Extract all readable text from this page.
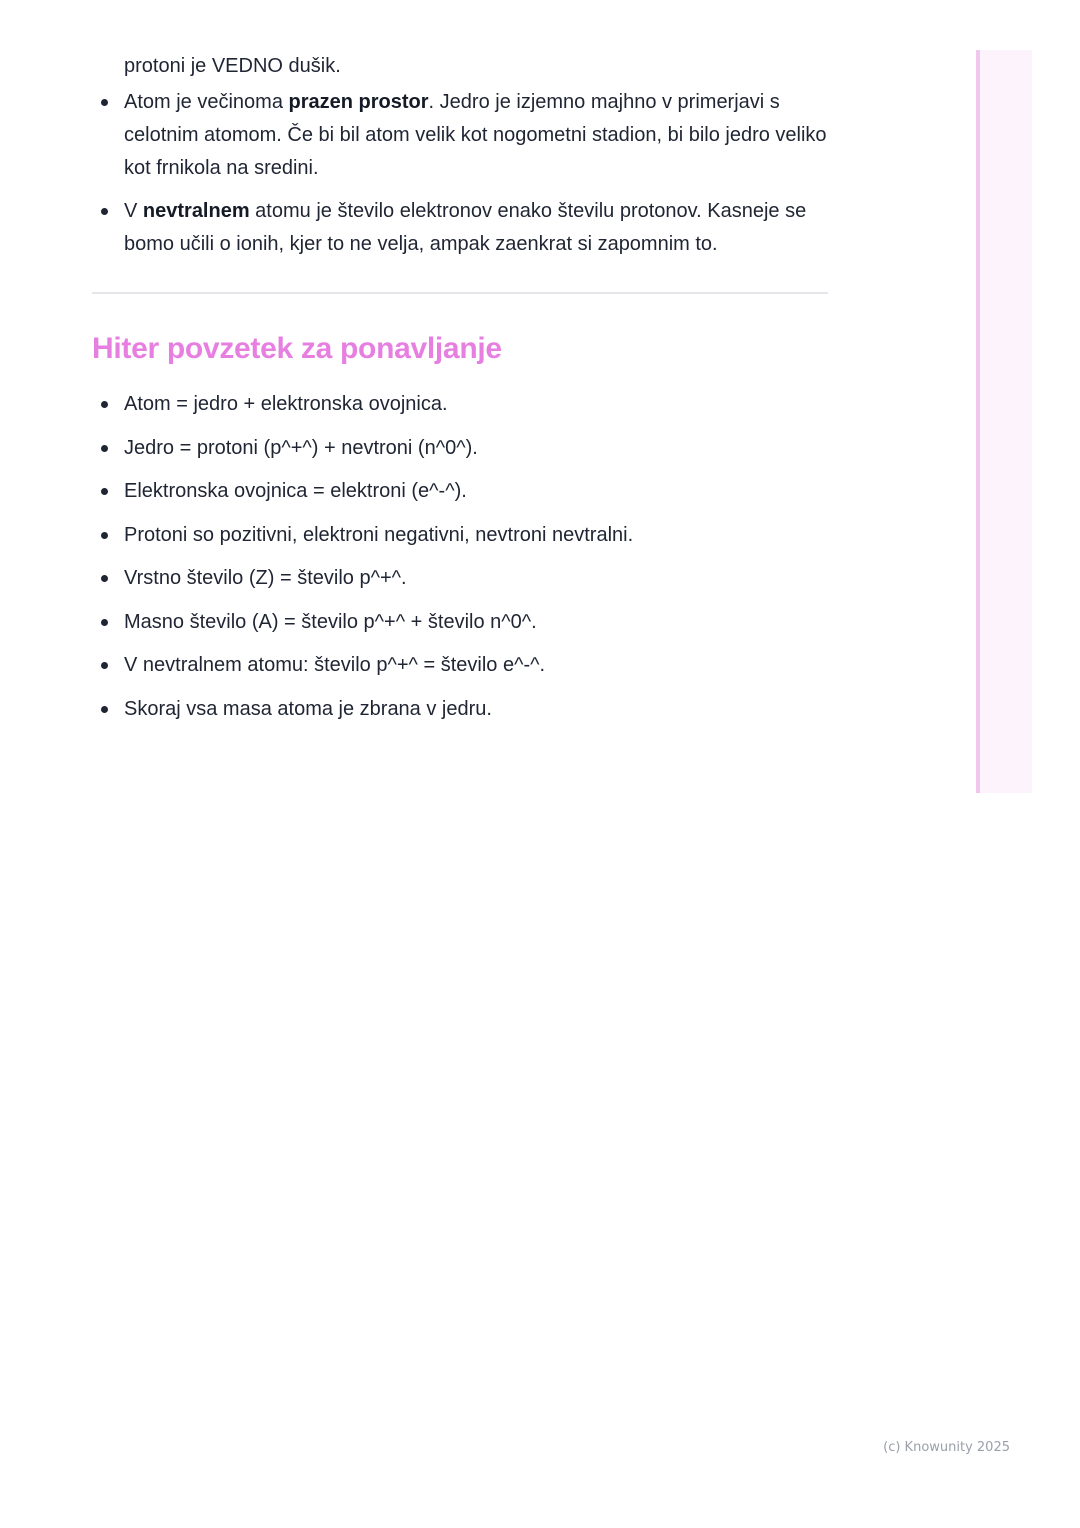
protoni je VEDNO dušik.

Atom je večinoma prazen prostor. Jedro je izjemno majhno v primerjavi s celotnim atomom. Če bi bil atom velik kot nogometni stadion, bi bilo jedro veliko kot frnikola na sredini.
V nevtralnem atomu je število elektronov enako številu protonov. Kasneje se bomo učili o ionih, kjer to ne velja, ampak zaenkrat si zapomnim to.
Hiter povzetek za ponavljanje
Atom = jedro + elektronska ovojnica.
Jedro = protoni (p^+^) + nevtroni (n^0^).
Elektronska ovojnica = elektroni (e^-^).
Protoni so pozitivni, elektroni negativni, nevtroni nevtralni.
Vrstno število (Z) = število p^+^.
Masno število (A) = število p^+^ + število n^0^.
V nevtralnem atomu: število p^+^ = število e^-^.
Skoraj vsa masa atoma je zbrana v jedru.
(c) Knowunity 2025
